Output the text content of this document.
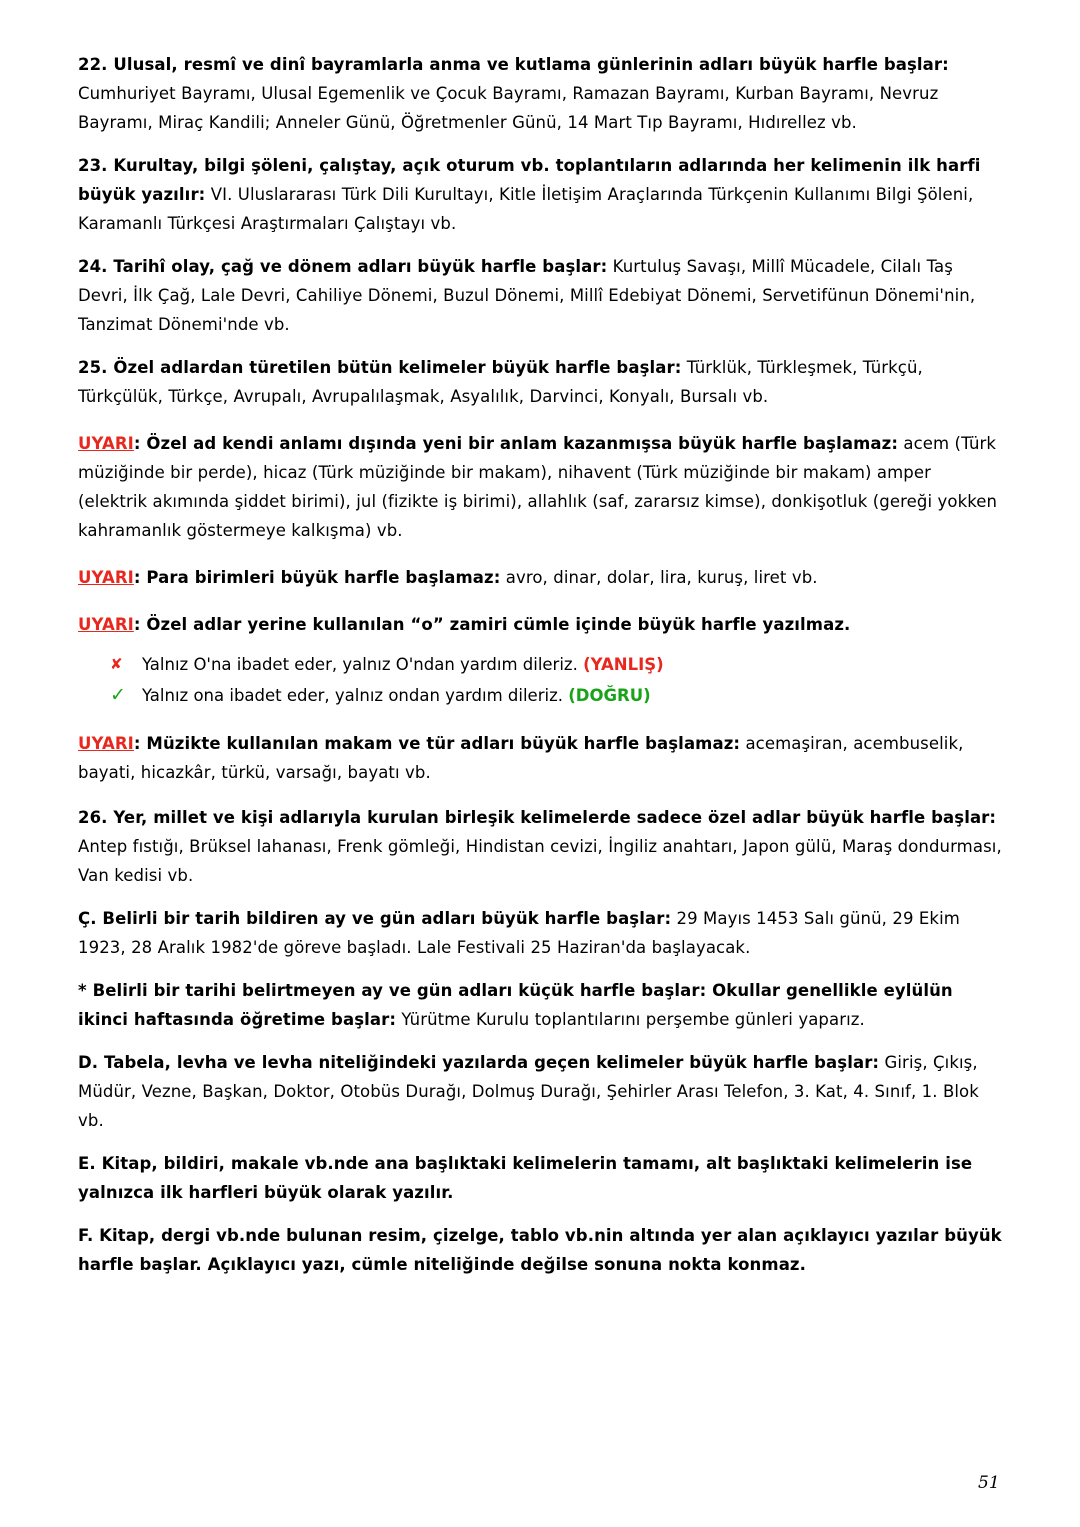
22. Ulusal, resmî ve dinî bayramlarla anma ve kutlama günlerinin adları büyük harfle başlar: Cumhuriyet Bayramı, Ulusal Egemenlik ve Çocuk Bayramı, Ramazan Bayramı, Kurban Bayramı, Nevruz Bayramı, Miraç Kandili; Anneler Günü, Öğretmenler Günü, 14 Mart Tıp Bayramı, Hıdırellez vb.

23. Kurultay, bilgi şöleni, çalıştay, açık oturum vb. toplantıların adlarında her kelimenin ilk harfi büyük yazılır: VI. Uluslararası Türk Dili Kurultayı, Kitle İletişim Araçlarında Türkçenin Kullanımı Bilgi Şöleni, Karamanlı Türkçesi Araştırmaları Çalıştayı vb.

24. Tarihî olay, çağ ve dönem adları büyük harfle başlar: Kurtuluş Savaşı, Millî Mücadele, Cilalı Taş Devri, İlk Çağ, Lale Devri, Cahiliye Dönemi, Buzul Dönemi, Millî Edebiyat Dönemi, Servetifünun Dönemi'nin, Tanzimat Dönemi'nde vb.

25. Özel adlardan türetilen bütün kelimeler büyük harfle başlar: Türklük, Türkleşmek, Türkçü, Türkçülük, Türkçe, Avrupalı, Avrupalılaşmak, Asyalılık, Darvinci, Konyalı, Bursalı vb.

UYARI: Özel ad kendi anlamı dışında yeni bir anlam kazanmışsa büyük harfle başlamaz: acem (Türk müziğinde bir perde), hicaz (Türk müziğinde bir makam), nihavent (Türk müziğinde bir makam) amper (elektrik akımında şiddet birimi), jul (fizikte iş birimi), allahlık (saf, zararsız kimse), donkişotluk (gereği yokken kahramanlık göstermeye kalkışma) vb.

UYARI: Para birimleri büyük harfle başlamaz: avro, dinar, dolar, lira, kuruş, liret vb.

UYARI: Özel adlar yerine kullanılan “o” zamiri cümle içinde büyük harfle yazılmaz.

✘ Yalnız O'na ibadet eder, yalnız O'ndan yardım dileriz. (YANLIŞ)
✓ Yalnız ona ibadet eder, yalnız ondan yardım dileriz. (DOĞRU)

UYARI: Müzikte kullanılan makam ve tür adları büyük harfle başlamaz: acemaşiran, acembuselik, bayati, hicazkâr, türkü, varsağı, bayatı vb.

26. Yer, millet ve kişi adlarıyla kurulan birleşik kelimelerde sadece özel adlar büyük harfle başlar: Antep fıstığı, Brüksel lahanası, Frenk gömleği, Hindistan cevizi, İngiliz anahtarı, Japon gülü, Maraş dondurması, Van kedisi vb.

Ç. Belirli bir tarih bildiren ay ve gün adları büyük harfle başlar: 29 Mayıs 1453 Salı günü, 29 Ekim 1923, 28 Aralık 1982'de göreve başladı. Lale Festivali 25 Haziran'da başlayacak.

* Belirli bir tarihi belirtmeyen ay ve gün adları küçük harfle başlar: Okullar genellikle eylülün ikinci haftasında öğretime başlar: Yürütme Kurulu toplantılarını perşembe günleri yaparız.

D. Tabela, levha ve levha niteliğindeki yazılarda geçen kelimeler büyük harfle başlar: Giriş, Çıkış, Müdür, Vezne, Başkan, Doktor, Otobüs Durağı, Dolmuş Durağı, Şehirler Arası Telefon, 3. Kat, 4. Sınıf, 1. Blok vb.

E. Kitap, bildiri, makale vb.nde ana başlıktaki kelimelerin tamamı, alt başlıktaki kelimelerin ise yalnızca ilk harfleri büyük olarak yazılır.

F. Kitap, dergi vb.nde bulunan resim, çizelge, tablo vb.nin altında yer alan açıklayıcı yazılar büyük harfle başlar. Açıklayıcı yazı, cümle niteliğinde değilse sonuna nokta konmaz.

51
